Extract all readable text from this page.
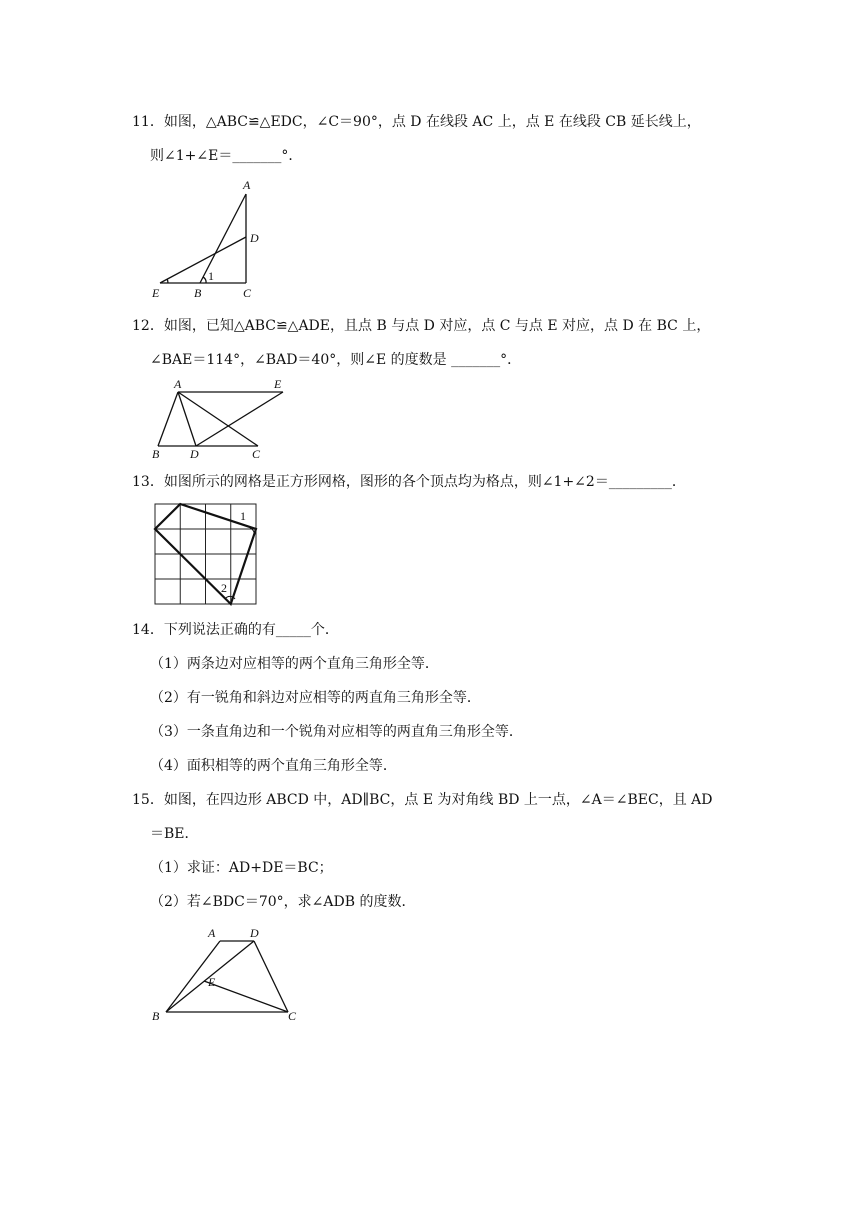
11．如图，△ABC≌△EDC，∠C＝90°，点 D 在线段 AC 上，点 E 在线段 CB 延长线上，
则∠1+∠E＝_______°．
A
D
E	B	C
1
12．如图，已知△ABC≌△ADE，且点 B 与点 D 对应，点 C 与点 E 对应，点 D 在 BC 上，
∠BAE＝114°，∠BAD＝40°，则∠E 的度数是 _______°．
A	E
B	D	C
13．如图所示的网格是正方形网格，图形的各个顶点均为格点，则∠1+∠2＝_________．
1
2
14．下列说法正确的有_____个．
（1）两条边对应相等的两个直角三角形全等．
（2）有一锐角和斜边对应相等的两直角三角形全等．
（3）一条直角边和一个锐角对应相等的两直角三角形全等．
（4）面积相等的两个直角三角形全等．
15．如图，在四边形 ABCD 中，AD∥BC，点 E 为对角线 BD 上一点，∠A＝∠BEC，且 AD
＝BE．
（1）求证：AD+DE＝BC；
（2）若∠BDC＝70°，求∠ADB 的度数．
A	D
E
B	C
